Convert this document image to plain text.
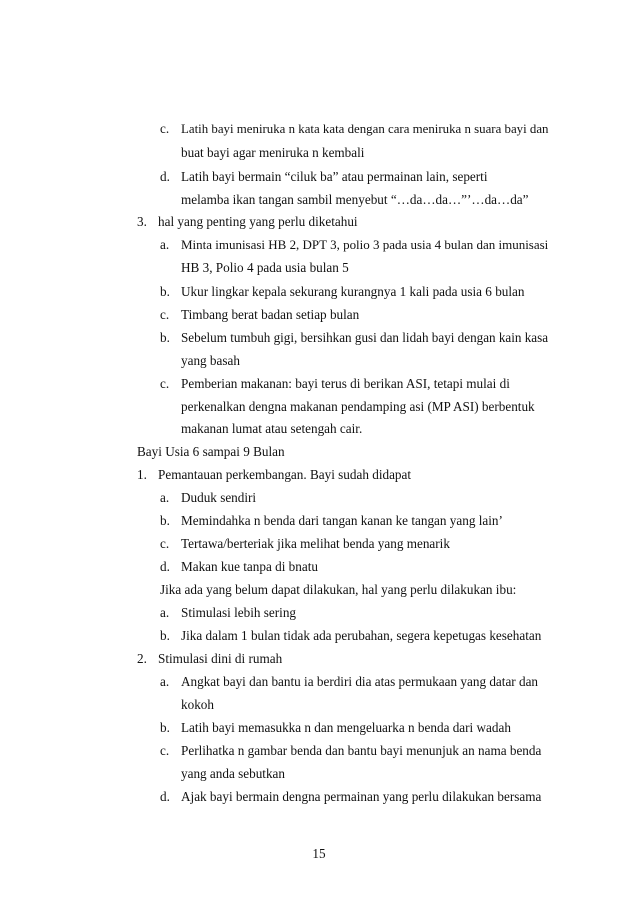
c. Latih bayi meniruka n kata kata dengan cara meniruka n suara bayi dan
buat bayi agar meniruka n kembali
d. Latih bayi bermain “ciluk ba” atau permainan lain, seperti
melamba ikan tangan sambil menyebut “…da…da…”’…da…da”
3. hal yang penting yang perlu diketahui
a. Minta imunisasi HB 2, DPT 3, polio 3 pada usia 4 bulan dan imunisasi
HB 3, Polio 4 pada usia bulan 5
b. Ukur lingkar kepala sekurang kurangnya 1 kali pada usia 6 bulan
c. Timbang berat badan setiap bulan
b. Sebelum tumbuh gigi, bersihkan gusi dan lidah bayi dengan kain kasa
yang basah
c. Pemberian makanan: bayi terus di berikan ASI, tetapi mulai di
perkenalkan dengna makanan pendamping asi (MP ASI) berbentuk
makanan lumat atau setengah cair.
Bayi Usia 6 sampai 9 Bulan
1. Pemantauan perkembangan. Bayi sudah didapat
a. Duduk sendiri
b. Memindahka n benda dari tangan kanan ke tangan yang lain’
c. Tertawa/berteriak jika melihat benda yang menarik
d. Makan kue tanpa di bnatu
Jika ada yang belum dapat dilakukan, hal yang perlu dilakukan ibu:
a. Stimulasi lebih sering
b. Jika dalam 1 bulan tidak ada perubahan, segera kepetugas kesehatan
2. Stimulasi dini di rumah
a. Angkat bayi dan bantu ia berdiri dia atas permukaan yang datar dan
kokoh
b. Latih bayi memasukka n dan mengeluarka n benda dari wadah
c. Perlihatka n gambar benda dan bantu bayi menunjuk an nama benda
yang anda sebutkan
d. Ajak bayi bermain dengna permainan yang perlu dilakukan bersama
15
